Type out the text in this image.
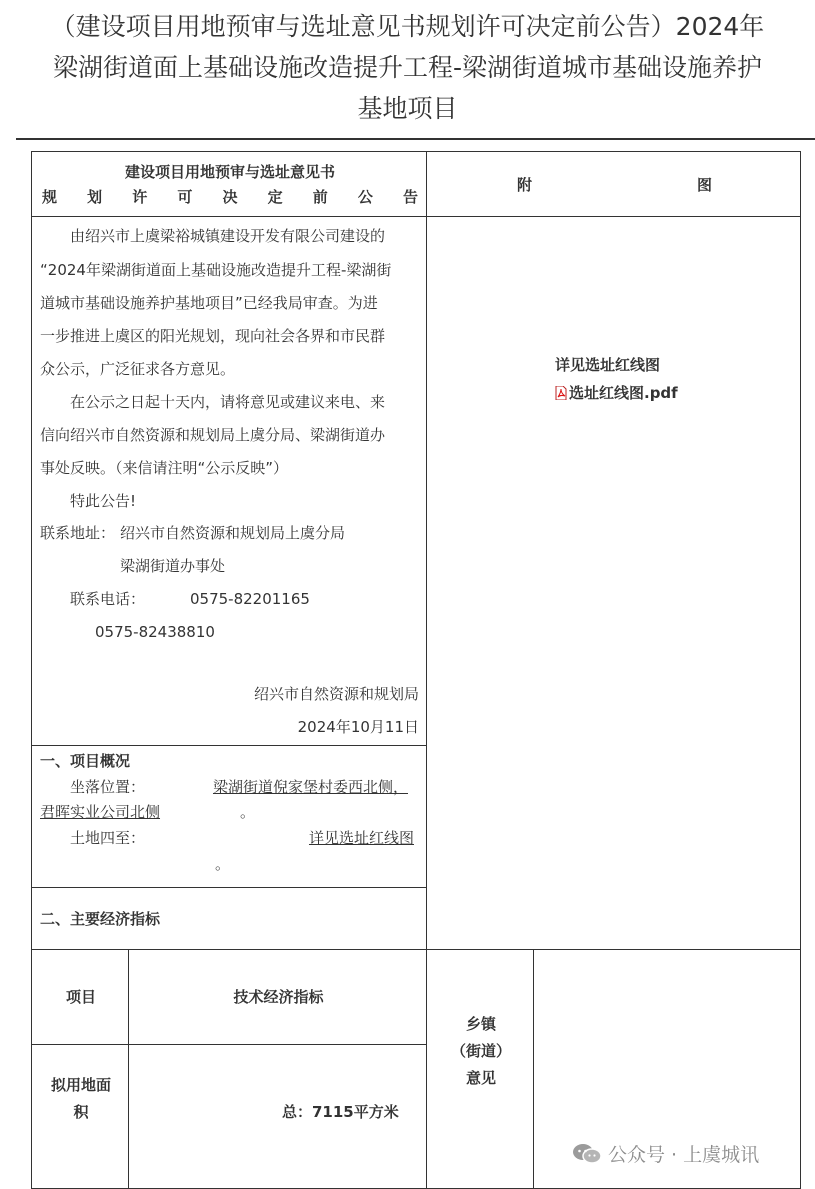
（建设项目用地预审与选址意见书规划许可决定前公告）2024年
梁湖街道面上基础设施改造提升工程-梁湖街道城市基础设施养护
基地项目
建设项目用地预审与选址意见书
规划许可决定前公告
附图
由绍兴市上虞梁裕城镇建设开发有限公司建设的
“2024年梁湖街道面上基础设施改造提升工程-梁湖街
道城市基础设施养护基地项目”已经我局审查。为进
一步推进上虞区的阳光规划，现向社会各界和市民群
众公示，广泛征求各方意见。
在公示之日起十天内，请将意见或建议来电、来
信向绍兴市自然资源和规划局上虞分局、梁湖街道办
事处反映。（来信请注明“公示反映”）
特此公告!
联系地址： 绍兴市自然资源和规划局上虞分局
梁湖街道办事处
联系电话：	0575-82201165
0575-82438810
绍兴市自然资源和规划局
2024年10月11日
详见选址红线图
选址红线图.pdf
一、项目概况
坐落位置：	梁湖街道倪家堡村委西北侧，
君晖实业公司北侧	。
土地四至：	详见选址红线图
。
二、主要经济指标
项目	技术经济指标
乡镇
（街道）
意见
拟用地面
积	总：7115平方米
公众号 · 上虞城讯
